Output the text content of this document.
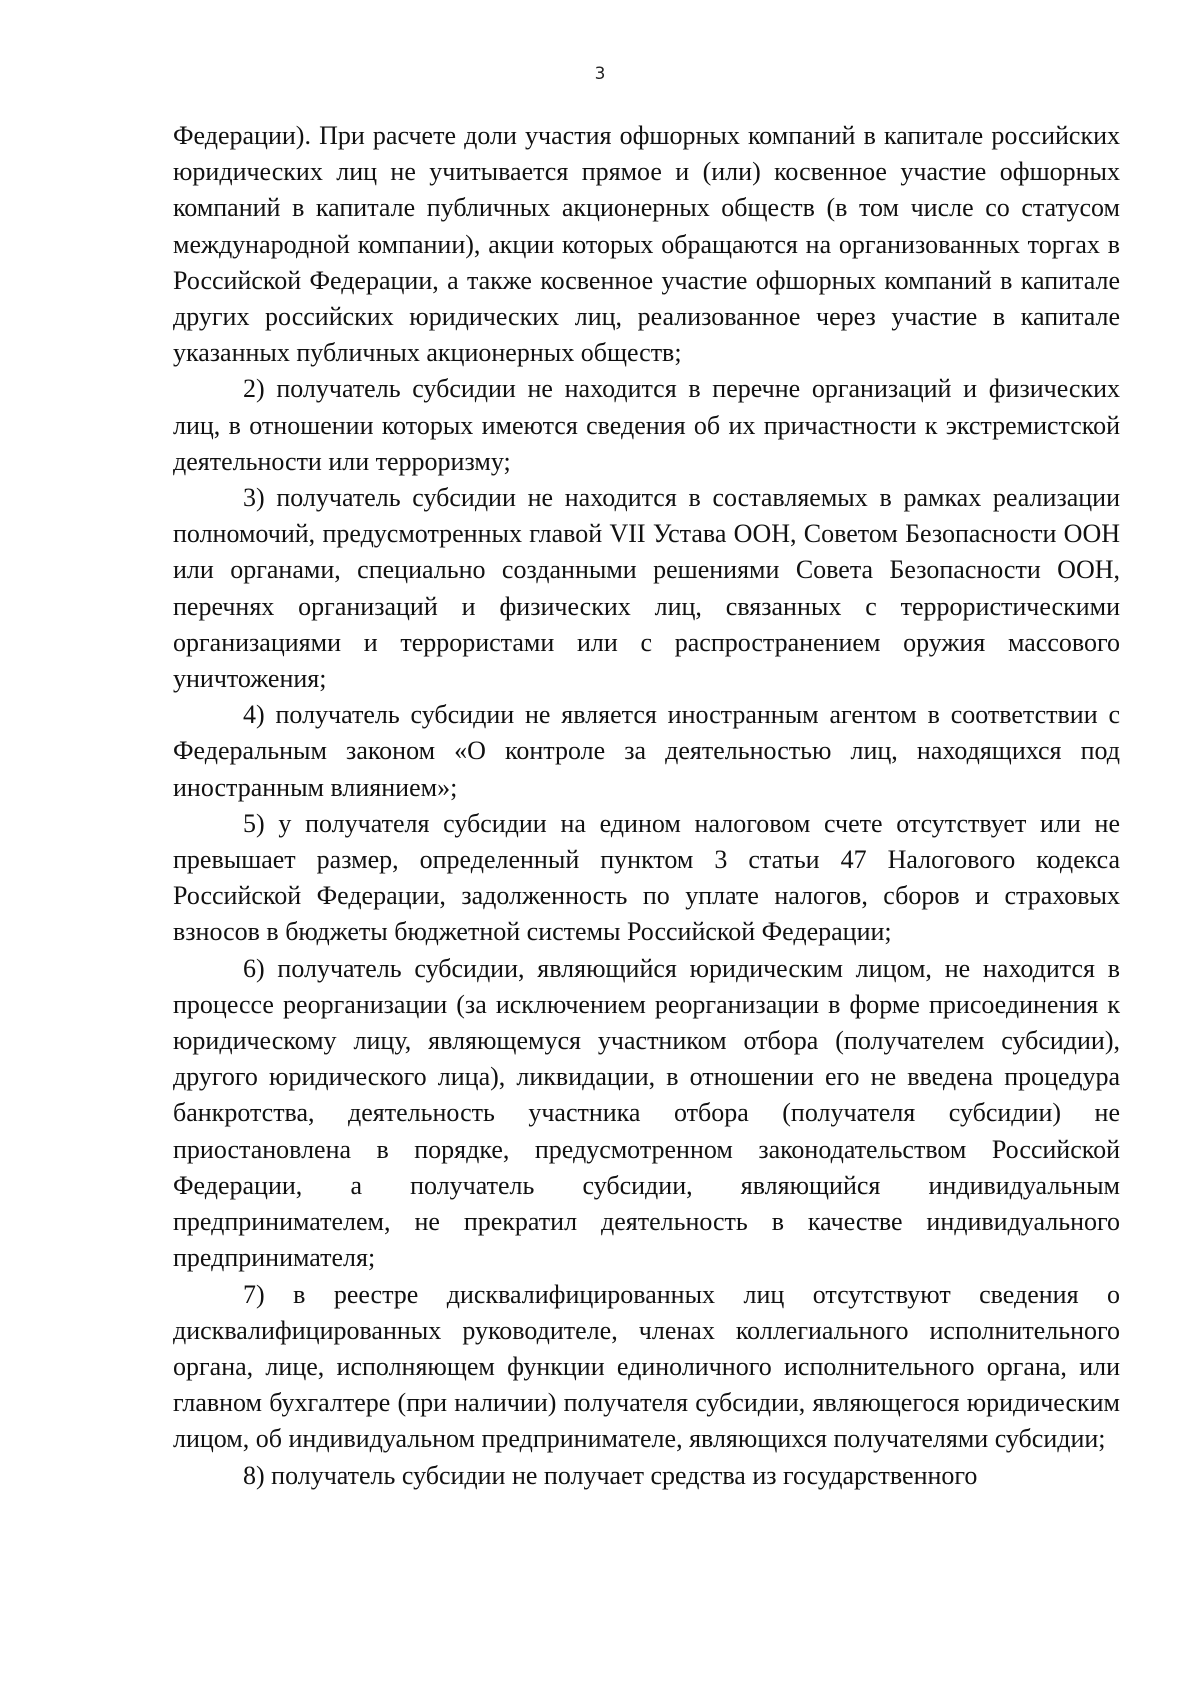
3

Федерации). При расчете доли участия офшорных компаний в капитале российских юридических лиц не учитывается прямое и (или) косвенное участие офшорных компаний в капитале публичных акционерных обществ (в том числе со статусом международной компании), акции которых обращаются на организованных торгах в Российской Федерации, а также косвенное участие офшорных компаний в капитале других российских юридических лиц, реализованное через участие в капитале указанных публичных акционерных обществ;

2) получатель субсидии не находится в перечне организаций и физических лиц, в отношении которых имеются сведения об их причастности к экстремистской деятельности или терроризму;

3) получатель субсидии не находится в составляемых в рамках реализации полномочий, предусмотренных главой VII Устава ООН, Советом Безопасности ООН или органами, специально созданными решениями Совета Безопасности ООН, перечнях организаций и физических лиц, связанных с террористическими организациями и террористами или с распространением оружия массового уничтожения;

4) получатель субсидии не является иностранным агентом в соответствии с Федеральным законом «О контроле за деятельностью лиц, находящихся под иностранным влиянием»;

5) у получателя субсидии на едином налоговом счете отсутствует или не превышает размер, определенный пунктом 3 статьи 47 Налогового кодекса Российской Федерации, задолженность по уплате налогов, сборов и страховых взносов в бюджеты бюджетной системы Российской Федерации;

6) получатель субсидии, являющийся юридическим лицом, не находится в процессе реорганизации (за исключением реорганизации в форме присоединения к юридическому лицу, являющемуся участником отбора (получателем субсидии), другого юридического лица), ликвидации, в отношении его не введена процедура банкротства, деятельность участника отбора (получателя субсидии) не приостановлена в порядке, предусмотренном законодательством Российской Федерации, а получатель субсидии, являющийся индивидуальным предпринимателем, не прекратил деятельность в качестве индивидуального предпринимателя;

7) в реестре дисквалифицированных лиц отсутствуют сведения о дисквалифицированных руководителе, членах коллегиального исполнительного органа, лице, исполняющем функции единоличного исполнительного органа, или главном бухгалтере (при наличии) получателя субсидии, являющегося юридическим лицом, об индивидуальном предпринимателе, являющихся получателями субсидии;

8) получатель субсидии не получает средства из государственного
